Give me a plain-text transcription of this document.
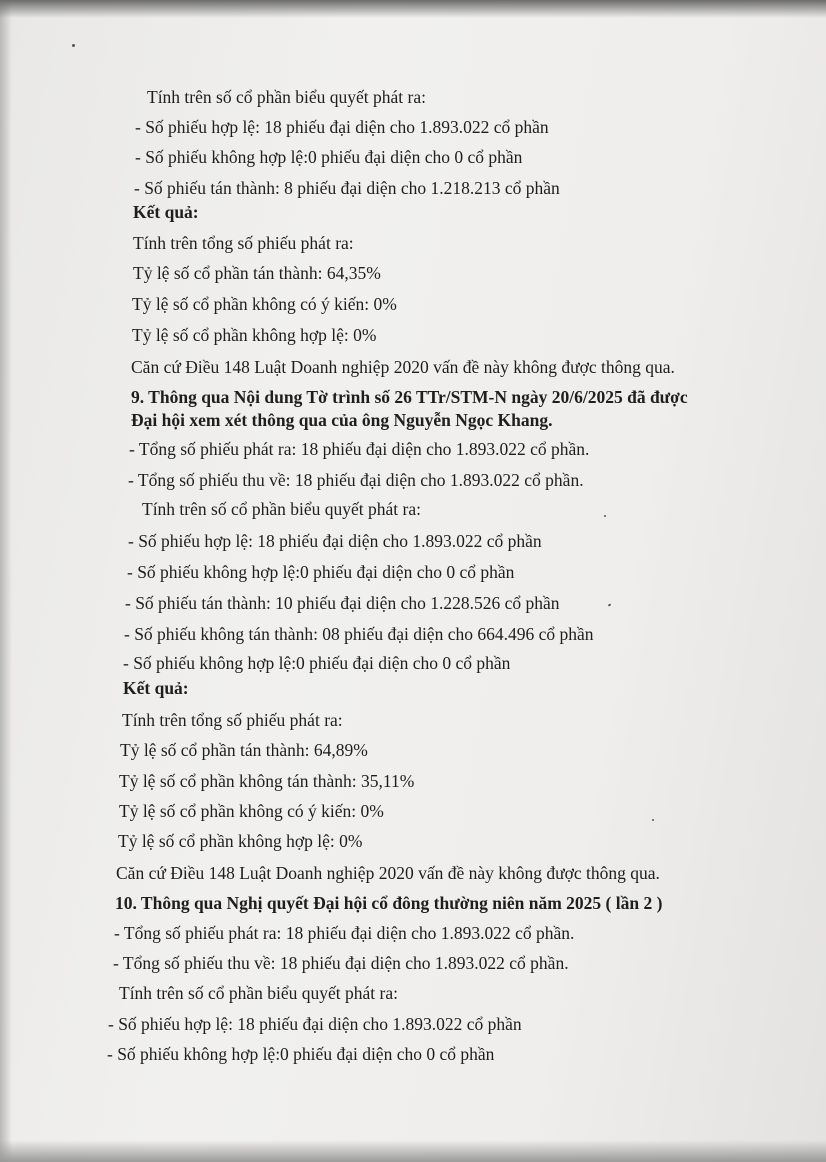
Tính trên số cổ phần biểu quyết phát ra:
- Số phiếu hợp lệ: 18 phiếu đại diện cho 1.893.022 cổ phần
- Số phiếu không hợp lệ:0 phiếu đại diện cho 0 cổ phần
- Số phiếu tán thành: 8 phiếu đại diện cho 1.218.213 cổ phần
Kết quả:
Tính trên tổng số phiếu phát ra:
Tỷ lệ số cổ phần tán thành: 64,35%
Tỷ lệ số cổ phần không có ý kiến: 0%
Tỷ lệ số cổ phần không hợp lệ: 0%
Căn cứ Điều 148 Luật Doanh nghiệp 2020 vấn đề này không được thông qua.
9. Thông qua Nội dung Tờ trình số 26 TTr/STM-N ngày 20/6/2025 đã được
Đại hội xem xét thông qua của ông Nguyễn Ngọc Khang.
- Tổng số phiếu phát ra: 18 phiếu đại diện cho 1.893.022 cổ phần.
- Tổng số phiếu thu về: 18 phiếu đại diện cho 1.893.022 cổ phần.
Tính trên số cổ phần biểu quyết phát ra:
- Số phiếu hợp lệ: 18 phiếu đại diện cho 1.893.022 cổ phần
- Số phiếu không hợp lệ:0 phiếu đại diện cho 0 cổ phần
- Số phiếu tán thành: 10 phiếu đại diện cho 1.228.526 cổ phần
- Số phiếu không tán thành: 08 phiếu đại diện cho 664.496 cổ phần
- Số phiếu không hợp lệ:0 phiếu đại diện cho 0 cổ phần
Kết quả:
Tính trên tổng số phiếu phát ra:
Tỷ lệ số cổ phần tán thành: 64,89%
Tỷ lệ số cổ phần không tán thành: 35,11%
Tỷ lệ số cổ phần không có ý kiến: 0%
Tỷ lệ số cổ phần không hợp lệ: 0%
Căn cứ Điều 148 Luật Doanh nghiệp 2020 vấn đề này không được thông qua.
10. Thông qua Nghị quyết Đại hội cổ đông thường niên năm 2025 ( lần 2 )
- Tổng số phiếu phát ra: 18 phiếu đại diện cho 1.893.022 cổ phần.
- Tổng số phiếu thu về: 18 phiếu đại diện cho 1.893.022 cổ phần.
Tính trên số cổ phần biểu quyết phát ra:
- Số phiếu hợp lệ: 18 phiếu đại diện cho 1.893.022 cổ phần
- Số phiếu không hợp lệ:0 phiếu đại diện cho 0 cổ phần
